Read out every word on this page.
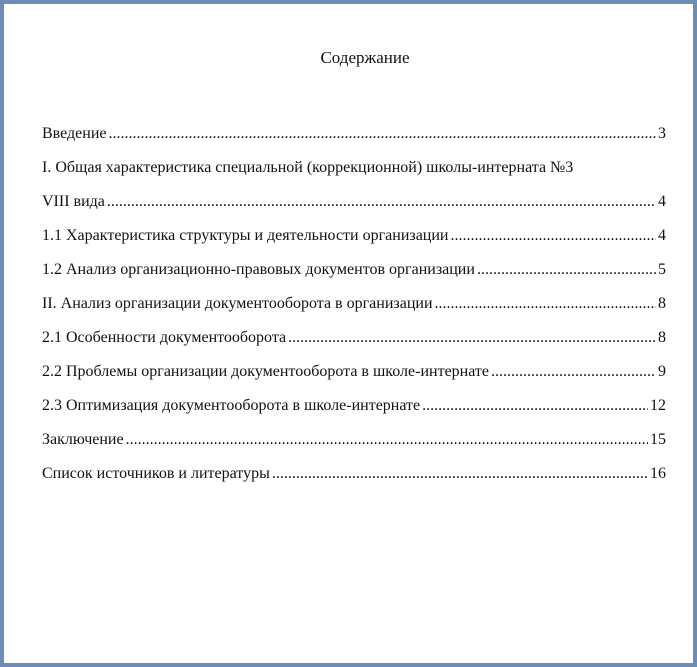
Содержание
Введение .....	3
I. Общая характеристика специальной (коррекционной) школы-интерната №3
VIII вида .....	4
1.1 Характеристика структуры и деятельности организации .....	4
1.2 Анализ организационно-правовых документов организации .....	5
II. Анализ организации документооборота в организации .....	8
2.1 Особенности документооборота .....	8
2.2 Проблемы организации документооборота в школе-интернате .....	9
2.3 Оптимизация документооборота в школе-интернате .....	12
Заключение .....	15
Список источников и литературы .....	16
